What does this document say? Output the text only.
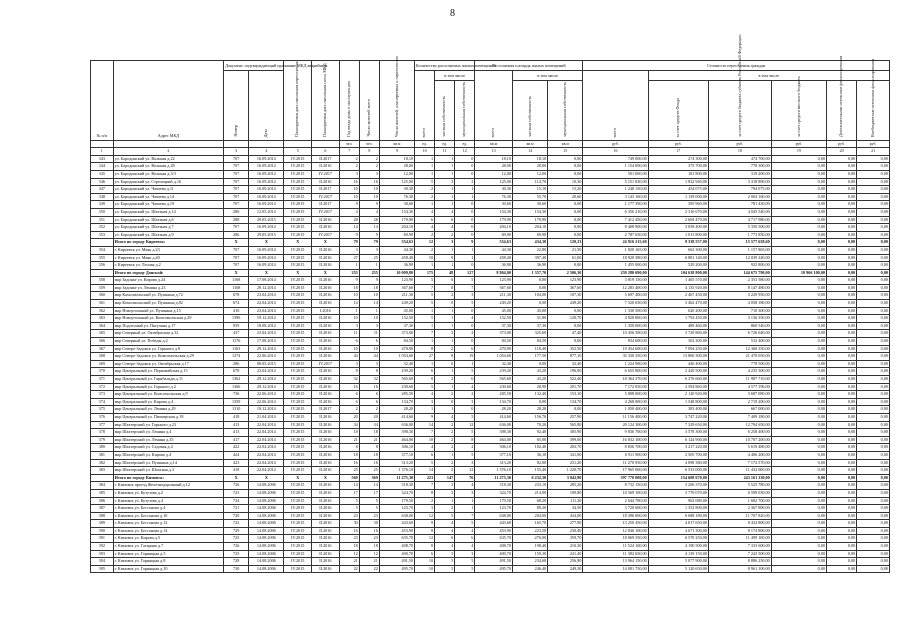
8
№ п/п	Адрес МКД	Документ, подтверждающий признание МКД аварийным		Планируемая дата окончания переселения	Планируемая дата окончания сноса МКД	Год ввода дома в эксплуатацию	Число жителей всего	Число жителей, планируемых к переселению	Количество расселяемых жилых помещений			Расселяемая площадь жилых помещений			Стоимость переселения граждан					
		Номер	Дата						всего	в том числе		всего	в том числе		всего	в том числе				
										частная собственность	муниципальная собственность		частная собственность	муниципальная собственность		за счет средств Фонда	за счет средств бюджета субъекта Российской Федерации	за счет средств местного бюджета	Дополнительные источники финансирования	Внебюджетные источники финансирования
						чел.	чел.	кв.м	ед.	ед.	ед.	кв.м	кв.м	кв.м	руб.	руб.	руб.	руб.	руб.	руб.
1	2	3	4	5	6	7	8	9	10	11	12	13	14	15	16	17	18	19	20	21
343	ул. Бородинский ул. Вольная д.22	707	16.09.2014	IV.2015	II.2017	2	2	18,10	1	1	0	18,10	18,10	0,00	749 000,00	274 300,00	474 700,00	0,00	0,00	0,00
344	ул. Бородинский ул. Вольная д.28	707	16.09.2014	IV.2015	II.2016	2	2	28,00	1	1	0	28,00	28,00	0,00	1 154 000,00	375 700,00	778 300,00	0,00	0,00	0,00
345	ул. Бородинский ул. Вольная д.3/3	707	16.09.2014	IV.2015	IV.2017	3	3	12,00	1	1	0	12,00	12,00	0,00	501 000,00	181 800,00	319 200,00	0,00	0,00	0,00
346	ул. Бородинский ул. Стрелецкий д.16	707	16.09.2014	IV.2015	II.2016	16	16	125,00	5	3	2	125,00	114,70	10,30	5 151 830,00	1 832 940,00	3 318 890,00	0,00	0,00	0,00
347	ул. Бородинский ул. Чапаева д.11	707	16.09.2014	IV.2015	II.2017	10	10	30,30	2	1	1	30,30	15,10	15,20	1 248 150,00	454 075,00	794 075,00	0,00	0,00	0,00
348	ул. Бородинский ул. Чапаева д.14	707	16.09.2014	IV.2015	IV.2017	10	10	76,30	2	1	1	76,30	55,70	20,60	3 143 160,00	1 139 000,00	2 004 160,00	0,00	0,00	0,00
349	ул. Бородинский ул. Чапаева д.19	707	16.09.2014	IV.2015	II.2017	9	9	30,60	1	1	0	30,60	30,60	0,00	1 177 390,00	395 960,00	781 430,00	0,00	0,00	0,00
350	ул. Бородинский ул. Шахтная д.14	286	12.05.2014	IV.2015	IV.2017	4	4	154,30	4	4	0	154,30	154,30	0,00	6 356 210,00	2 310 670,00	4 045 540,00	0,00	0,00	0,00
351	ул. Бородинский ул. Шахтная д.6	288	29.05.2015	IV.2015	II.2016	28	28	179,90	6	6	0	179,90	179,90	0,00	7 412 450,00	2 694 470,00	4 717 980,00	0,00	0,00	0,00
352	ул. Бородинский ул. Шахтная д.7	707	16.09.2014	IV.2015	II.2016	14	14	204,10	4	4	0	204,10	204,10	0,00	8 408 900,00	3 058 400,00	5 350 500,00	0,00	0,00	0,00
353	ул. Бородинский ул. Шахтная д.9	286	29.05.2015	IV.2015	IV.2017	9	9	69,90	2	2	0	69,90	69,90	0,00	2 787 650,00	1 013 800,00	1 773 850,00	0,00	0,00	0,00
	Итого по городу Киреевск:	X	X	X	X	79	79	554,63	12	3	9	554,63	434,30	120,33	24 916 215,60	9 338 557,00	15 577 658,60	0,00	0,00	0,00
354	г. Киреевск ул. Маяк д.23	707	16.09.2014	IV.2015	II.2016	3	3	44,30	2	1	1	44,30	22,80	21,50	1 820 165,00	662 300,00	1 157 865,00	0,00	0,00	0,00
355	г. Киреевск ул. Маяк д.40	707	16.09.2014	IV.2015	II.2016	27	25	458,40	10	9	1	458,40	397,40	61,00	18 920 380,00	6 881 140,00	12 039 240,00	0,00	0,00	0,00
356	г. Киреевск ул. Лесная д.2	707	16.09.2014	IV.2015	II.2016	1	1	36,90	1	1	0	36,90	36,90	0,00	1 455 000,00	529 200,00	925 800,00	0,00	0,00	0,00
	Итого по городу Донской:	X	X	X	X	255	255	10 009,80	175	48	127	8 864,00	1 357,70	2 506,30	259 280 690,00	104 638 800,00	144 675 790,00	10 966 100,00	0,00	0,00
358	мкр Задонье ул. Кирова д.24	1168	17.08.2014	IV.2015	II.2016	9	9	123,90	5	0	5	123,90	0,00	123,90	3 819 150,00	1 465 570,00	2 353 580,00	0,00	0,00	0,00
359	мкр Задонье ул. Ленина д.23	1168	29.12.2014	IV.2015	II.2016	18	18	367,60	7	0	7	367,60	0,00	367,60	12 283 400,00	4 135 920,00	8 147 480,00	0,00	0,00	0,00
360	мкр Комсомольский ул. Пушкина д.72	678	23.04.2014	IV.2015	II.2016	10	10	211,30	5	2	3	211,30	104,00	107,30	5 697 400,00	2 467 450,00	3 229 950,00	0,00	0,00	0,00
361	мкр Комсомольский ул. Пушкина д.82	674	22.04.2014	IV.2015	II.2016	14	14	249,20	5	0	5	249,20	0,00	249,20	7 520 650,00	3 462 470,00	4 058 180,00	0,00	0,00	0,00
362	мкр Новоугольный ул. Пушкина д.15	416	23.04.2014	IV.2015	I.2016	1	1	45,00	1	1	0	45,00	45,00	0,00	1 330 500,00	620 200,00	710 300,00	0,00	0,00	0,00
363	мкр Новоугольный ул. Комсомольская д.29	1396	19.12.2014	IV.2015	II.2016	10	10	152,50	5	1	4	152,50	31,80	120,70	4 928 800,00	1 792 450,00	3 136 350,00	0,00	0,00	0,00
364	мкр Подлесный ул. Пятулина д.17	959	18.08.2014	IV.2015	II.2016	3	3	37,30	1	1	0	37,30	37,30	0,00	1 350 000,00	489 460,00	860 540,00	0,00	0,00	0,00
365	мкр Северный ул. Октябрьская д.32	437	23.04.2014	IV.2015	II.2016	11	11	373,00	7	5	2	373,00	325,60	47,40	10 456 500,00	3 729 860,00	6 726 640,00	0,00	0,00	0,00
366	мкр Северный ул. Победы д.2	1176	17.08.2014	IV.2015	II.2016	6	6	84,50	1	1	0	84,50	84,50	0,00	834 600,00	302 200,00	532 400,00	0,00	0,00	0,00
367	мкр Северо-Задонск ул. Горького д.8	1163	29.12.2014	IV.2015	II.2016	10	10	470,90	8	2	6	470,90	118,40	352,50	19 454 600,00	7 094 250,00	12 360 350,00	0,00	0,00	0,00
368	мкр Северо-Задонск ул. Комсомольская д.29	1274	22.06.2014	IV.2015	II.2016	44	44	1 054,60	27	8	19	1 054,60	177,50	877,10	35 330 350,00	13 860 300,00	21 470 050,00	0,00	0,00	0,00
369	мкр Северо-Задонск ул. Октябрьская д.17	286	08.05.2015	IV.2015	IV.2017	3	3	32,40	1	0	1	32,40	0,00	32,40	1 224 900,00	446 400,00	778 500,00	0,00	0,00	0,00
370	мкр Центральный ул. Первомайская д.15	678	23.04.2014	IV.2015	II.2016	8	8	239,20	6	1	5	239,20	43,20	196,00	6 655 800,00	2 420 500,00	4 235 300,00	0,00	0,00	0,00
371	мкр Центральный ул. Гарибальди д.11	1362	29.12.2014	IV.2015	II.2016	32	32	565,60	8	2	6	565,60	43,20	522,40	18 364 370,00	6 376 660,00	11 987 710,00	0,00	0,00	0,00
372	мкр Центральный ул. Горького д.2	1366	29.12.2014	IV.2015	II.2016	16	16	230,60	5	1	4	230,60	28,90	201,70	7 172 050,00	2 594 860,00	4 577 190,00	0,00	0,00	0,00
373	мкр Центральный ул. Комсомольская д.9	736	22.06.2014	IV.2015	II.2016	6	6	285,50	4	2	2	285,50	132,40	153,10	5 808 000,00	2 120 920,00	3 687 080,00	0,00	0,00	0,00
374	мкр Центральный ул. Кирова д.4	1359	22.06.2014	IV.2015	II.2016	6	6	134,70	3	0	3	134,70	0,00	134,70	4 268 000,00	1 548 800,00	2 719 200,00	0,00	0,00	0,00
375	мкр Центральный ул. Ленина д.29	1310	19.12.2014	IV.2015	II.2017	2	2	28,20	1	1	0	28,20	28,20	0,00	1 050 400,00	383 400,00	667 000,00	0,00	0,00	0,00
376	мкр Центральный ул. Пионерская д.18	418	21.04.2014	IV.2015	II.2016	20	20	414,60	9	4	5	414,60	156,70	257,90	11 156 400,00	3 747 220,00	7 409 180,00	0,00	0,00	0,00
377	мкр Шахтерский ул. Горького д.23	413	22.04.2014	IV.2015	II.2016	34	34	636,00	14	2	12	636,00	70,20	565,80	20 124 300,00	7 329 650,00	12 794 650,00	0,00	0,00	0,00
378	мкр Шахтерский ул. Ленина д.4	413	22.04.2014	IV.2015	II.2016	18	18	398,30	7	2	5	398,30	92,40	305,90	9 836 700,00	3 578 300,00	6 258 400,00	0,00	0,00	0,00
379	мкр Шахтерский ул. Ленина д.35	417	22.04.2014	IV.2015	II.2016	21	21	464,00	10	2	8	464,00	65,00	399,00	16 832 100,00	6 124 900,00	10 707 200,00	0,00	0,00	0,00
380	мкр Шахтерский ул. Садовая д.4	422	22.04.2014	IV.2015	II.2016	8	8	306,10	4	2	2	306,10	102,40	203,70	8 836 700,00	3 217 220,00	5 619 480,00	0,00	0,00	0,00
381	мкр Шахтерский ул. Кирова д.4	424	22.04.2014	IV.2015	II.2016	18	18	377,10	6	1	5	377,10	36,10	341,00	6 911 900,00	2 505 700,00	4 406 200,00	0,00	0,00	0,00
382	мкр Шахтерский ул. Пушкина д.14	423	22.04.2014	IV.2015	II.2016	16	16	313,20	5	2	3	313,20	82,00	231,20	11 270 950,00	4 098 380,00	7 172 570,00	0,00	0,00	0,00
383	мкр Шахтерский ул. Шахтная д.3	418	22.04.2014	IV.2015	II.2016	25	25	1 376,10	14	2	12	1 376,10	155,40	1 220,70	17 965 000,00	6 533 000,00	11 432 000,00	0,00	0,00	0,00
	Итого по городу Кимовск:	X	X	X	X	569	569	11 275,30	223	147	76	11 275,30	6 232,30	3 042,90	397 770 000,00	154 608 670,00	243 161 330,00	0,00	0,00	0,00
384	г. Кимовск проезд Железнодорожный д.12	726	14.08.2006	IV.2015	II.2016	14	14	518,30	7	3	4	518,30	233,10	285,20	8 732 150,00	3 206 370,00	5 525 780,00	0,00	0,00	0,00
385	г. Кимовск ул. Кутузова д.2	723	14.08.2006	IV.2015	II.2016	17	17	324,70	8	5	3	324,70	214,90	109,80	10 369 100,00	3 770 070,00	6 599 030,00	0,00	0,00	0,00
386	г. Кимовск ул. Кутузова д.4	724	14.08.2006	IV.2015	II.2016	5	5	179,50	2	1	1	179,50	68,20	111,30	2 644 780,00	962 080,00	1 682 700,00	0,00	0,00	0,00
387	г. Кимовск ул. Бессонова д.4	721	14.08.2006	IV.2015	II.2016	5	5	123,70	3	2	1	123,70	89,20	34,50	3 720 600,00	1 352 800,00	2 367 800,00	0,00	0,00	0,00
388	г. Кимовск ул. Бессонова д.10	720	14.08.2006	IV.2015	II.2016	23	23	638,00	12	5	7	638,00	204,00	434,00	18 396 000,00	6 688 180,00	11 707 820,00	0,00	0,00	0,00
389	г. Кимовск ул. Бессонова д.12	722	14.08.2006	IV.2015	II.2016	30	30	443,60	9	4	5	443,60	165,70	277,90	13 250 450,00	4 817 650,00	8 432 800,00	0,00	0,00	0,00
390	г. Кимовск ул. Бессонова д.14	729	14.08.2006	IV.2015	II.2016	16	16	453,90	8	4	4	453,90	223,50	230,40	12 846 100,00	4 671 300,00	8 174 800,00	0,00	0,00	0,00
391	г. Кимовск ул. Кирова д.5	725	14.08.2006	IV.2015	II.2016	23	23	635,70	12	6	6	635,70	276,00	359,70	18 069 350,00	6 570 250,00	11 499 100,00	0,00	0,00	0,00
392	г. Кимовск ул. Гагарина д.7	726	14.08.2006	IV.2015	II.2016	18	18	408,70	8	4	4	408,70	198,40	210,30	11 524 100,00	4 190 500,00	7 333 600,00	0,00	0,00	0,00
393	г. Кимовск ул. Горняцкая д.5	725	14.08.2006	IV.2015	II.2016	12	12	400,70	6	3	3	400,70	159,30	241,40	11 382 650,00	4 139 150,00	7 243 500,00	0,00	0,00	0,00
394	г. Кимовск ул. Горняцкая д.8	728	14.08.2006	IV.2015	II.2016	21	21	491,50	10	5	5	491,50	234,60	256,90	13 964 150,00	5 077 900,00	8 886 250,00	0,00	0,00	0,00
395	г. Кимовск ул. Горняцкая д.10	730	14.08.2006	IV.2015	II.2016	22	22	495,70	10	5	5	495,70	246,40	249,30	14 081 750,00	5 120 650,00	8 961 100,00	0,00	0,00	0,00
